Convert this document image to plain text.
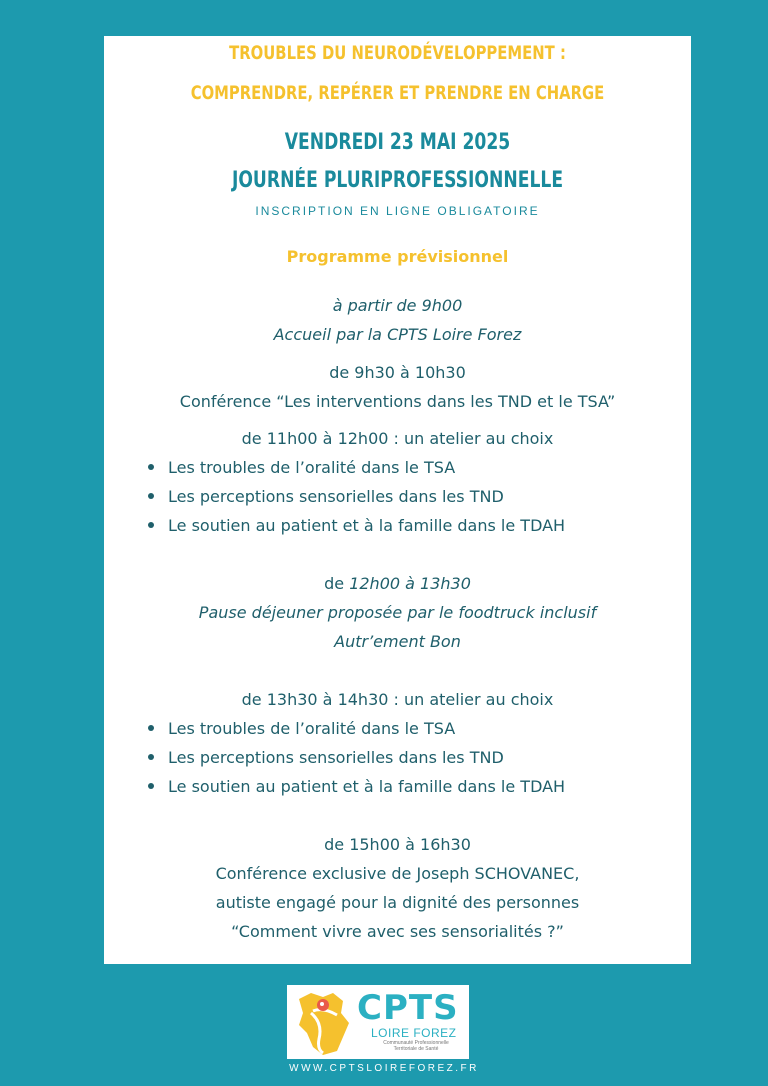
TROUBLES DU NEURODÉVELOPPEMENT :
COMPRENDRE, REPÉRER ET PRENDRE EN CHARGE
VENDREDI 23 MAI 2025
JOURNÉE PLURIPROFESSIONNELLE
INSCRIPTION EN LIGNE OBLIGATOIRE
Programme prévisionnel
à partir de 9h00
Accueil par la CPTS Loire Forez
de 9h30 à 10h30
Conférence “Les interventions dans les TND et le TSA”
de 11h00 à 12h00 : un atelier au choix
Les troubles de l’oralité dans le TSA
Les perceptions sensorielles dans les TND
Le soutien au patient et à la famille dans le TDAH
de 12h00 à 13h30
Pause déjeuner proposée par le foodtruck inclusif
Autr’ement Bon
de 13h30 à 14h30 : un atelier au choix
Les troubles de l’oralité dans le TSA
Les perceptions sensorielles dans les TND
Le soutien au patient et à la famille dans le TDAH
de 15h00 à 16h30
Conférence exclusive de Joseph SCHOVANEC,
autiste engagé pour la dignité des personnes
“Comment vivre avec ses sensorialités ?”
CPTS
LOIRE FOREZ
Communauté Professionnelle
Territoriale de Santé
WWW.CPTSLOIREFOREZ.FR
